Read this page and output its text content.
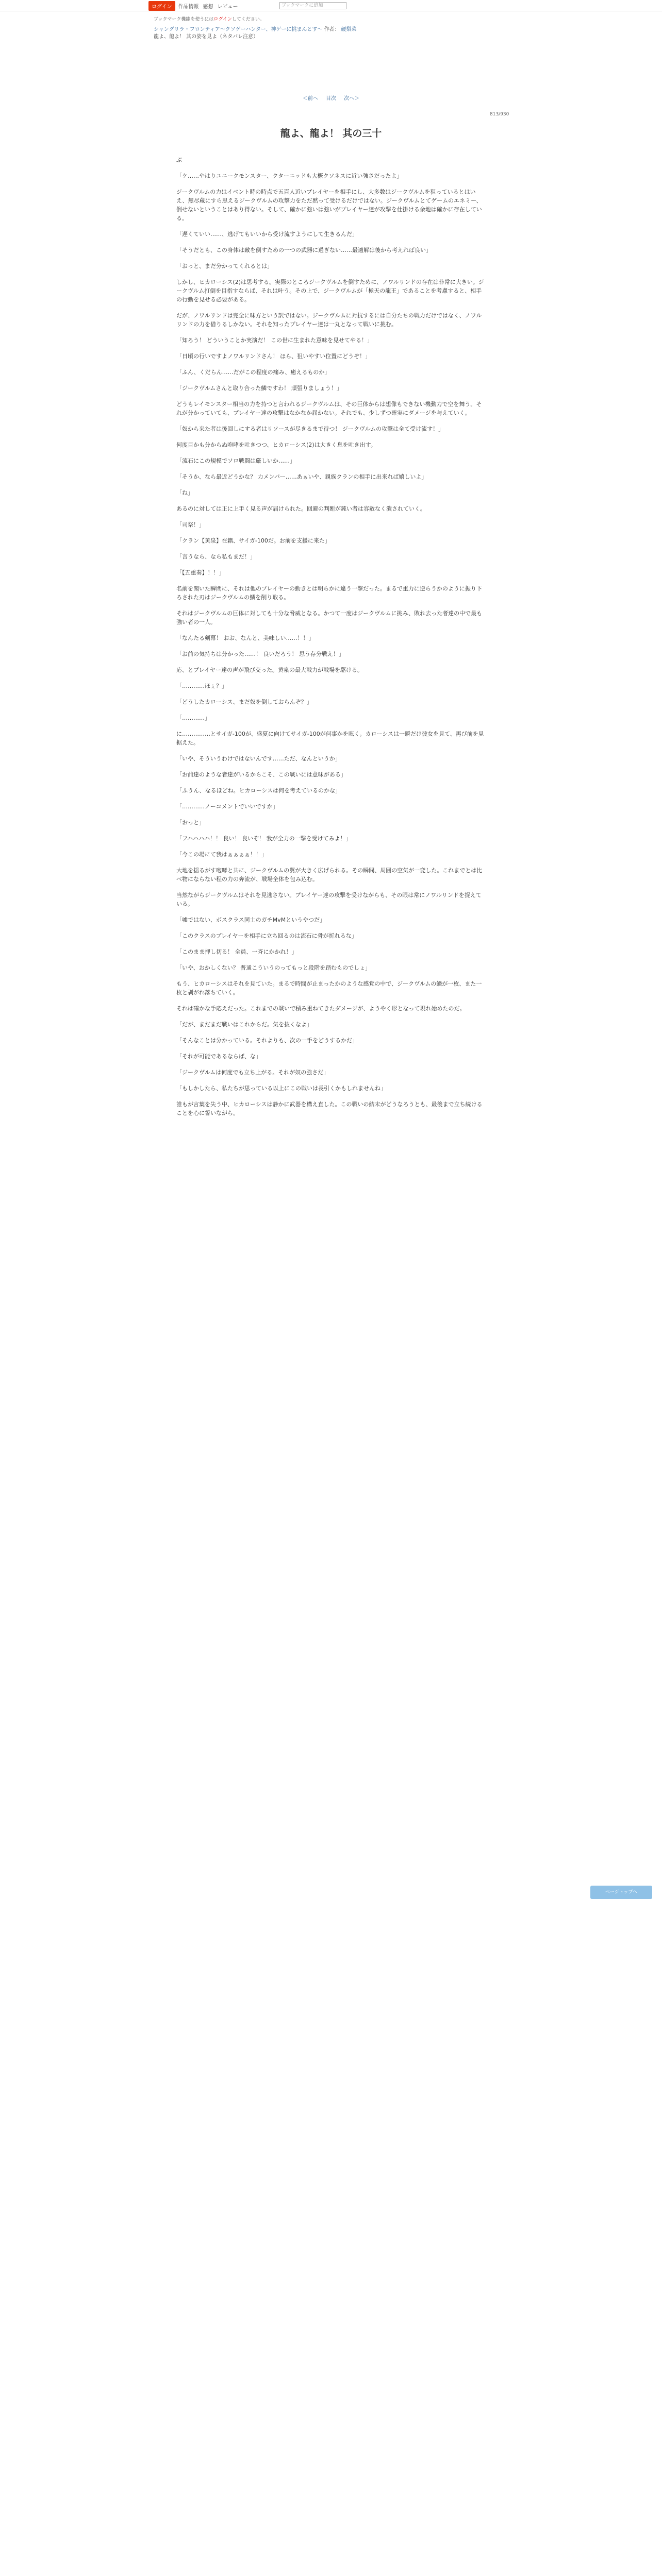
ログイン	作品情報 感想 レビュー	ブックマークに追加
ブックマーク機能を使うにはログインしてください。
シャングリラ・フロンティア〜クソゲーハンター、神ゲーに挑まんとす〜 作者： 硬梨菜
龍よ、龍よ！ 其の姿を見よ（ネタバレ注意）
＜前へ 目次 次へ＞
813/930
龍よ、龍よ！ 其の三十

ぶ

「ケ……やはりユニークモンスター、クターニッドも大概クソネスに近い強さだったよ」

ジークヴルムの力はイベント時の時点で五百人近いプレイヤーを相手にし、大多数はジークヴルムを狙っているとはいえ、無尽蔵にすら思えるジークヴルムの攻撃力をただ黙って受けるだけではない。ジークヴルムとてゲームのエネミー、倒せないということはあり得ない。そして、確かに強いは強いがプレイヤー達が攻撃を仕掛ける余地は確かに存在している。

「遅くていい……、逃げてもいいから受け流すようにして生きるんだ」

「そうだとも、この身体は敵を倒すための一つの武器に過ぎない……最適解は後から考えれば良い」

「おっと、まだ分かってくれるとは」

しかし、ヒカローシス(2)は思考する。実際のところジークヴルムを倒すために、ノワルリンドの存在は非常に大きい。ジークヴルム打倒を目指すならば、それは叶う。その上で、ジークヴルムが「極天の龍王」であることを考慮すると、相手の行動を見せる必要がある。

だが、ノワルリンドは完全に味方という訳ではない。ジークヴルムに対抗するには自分たちの戦力だけではなく、ノワルリンドの力を借りるしかない。それを知ったプレイヤー達は一丸となって戦いに挑む。

「知ろう！ どういうことか実演だ！ この世に生まれた意味を見せてやる！」

「日頃の行いですよノワルリンドさん！ ほら、狙いやすい位置にどうぞ！」

「ふん、くだらん……だがこの程度の痛み、癒えるものか」

「ジークヴルムさんと取り合った鱗ですわ！ 頑張りましょう！」

どうもレイモンスター相当の力を持つと言われるジークヴルムは、その巨体からは想像もできない機動力で空を舞う。それが分かっていても、プレイヤー達の攻撃はなかなか届かない。それでも、少しずつ確実にダメージを与えていく。

「奴から来た者は後回しにする者はリソースが尽きるまで待つ！ ジークヴルムの攻撃は全て受け流す！」

何度目かも分からぬ咆哮を吐きつつ、ヒカローシス(2)は大きく息を吐き出す。

「流石にこの規模でソロ戦闘は厳しいか……」

「そうか、なら最近どうかな？ 力メンバー……あぁいや、親族クランの相手に出来れば嬉しいよ」

「ね」

あるのに対しては正に上手く見る声が届けられた。回避の判断が鈍い者は容赦なく潰されていく。

「司祭！」

「クラン【黄泉】在籍、サイガ-100だ。お前を支援に来た」

「言うなら、なら私もまだ！」

「【五重奏】！！」

名前を聞いた瞬間に、それは他のプレイヤーの動きとは明らかに違う一撃だった。まるで重力に逆らうかのように振り下ろされた刃はジークヴルムの鱗を削り取る。

それはジークヴルムの巨体に対しても十分な脅威となる。かつて一度はジークヴルムに挑み、敗れ去った者達の中で最も強い者の一人。

「なんたる剣幕！ おお、なんと、美味しい……！！」

「お前の気持ちは分かった……！ 良いだろう！ 思う存分戦え！」

応、とプレイヤー達の声が飛び交った。黄泉の最大戦力が戦場を駆ける。

「…………ほぇ？」

「どうしたカローシス、まだ奴を倒しておらんぞ？」

「…………」

に……………とサイガ-100が、盛夏に向けてサイガ-100が何事かを呟く。カローシスは一瞬だけ彼女を見て、再び前を見据えた。

「いや、そういうわけではないんです……ただ、なんというか」

「お前達のような者達がいるからこそ、この戦いには意味がある」

「ふうん、なるほどね。ヒカローシスは何を考えているのかな」

「…………ノーコメントでいいですか」

「おっと」

「フハハハハ！！ 良い！ 良いぞ！ 我が全力の一撃を受けてみよ！」

「今この場にて我はぁぁぁぁ！！」

大地を揺るがす咆哮と共に、ジークヴルムの翼が大きく広げられる。その瞬間、周囲の空気が一変した。これまでとは比べ物にならない程の力の奔流が、戦場全体を包み込む。

当然ながらジークヴルムはそれを見逃さない。プレイヤー達の攻撃を受けながらも、その眼は常にノワルリンドを捉えている。

「嘘ではない、ボスクラス同士のガチMvMというやつだ」

「このクラスのプレイヤーを相手に立ち回るのは流石に骨が折れるな」

「このまま押し切る！ 全員、一斉にかかれ！」

「いや、おかしくない？ 普通こういうのってもっと段階を踏むものでしょ」

もう、ヒカローシスはそれを見ていた。まるで時間が止まったかのような感覚の中で、ジークヴルムの鱗が一枚、また一枚と剥がれ落ちていく。

それは確かな手応えだった。これまでの戦いで積み重ねてきたダメージが、ようやく形となって現れ始めたのだ。

「だが、まだまだ戦いはこれからだ。気を抜くなよ」

「そんなことは分かっている。それよりも、次の一手をどうするかだ」

「それが可能であるならば、な」

「ジークヴルムは何度でも立ち上がる。それが奴の強さだ」

「もしかしたら、私たちが思っている以上にこの戦いは長引くかもしれませんね」

誰もが言葉を失う中、ヒカローシスは静かに武器を構え直した。この戦いの結末がどうなろうとも、最後まで立ち続けることを心に誓いながら。

ページトップへ
